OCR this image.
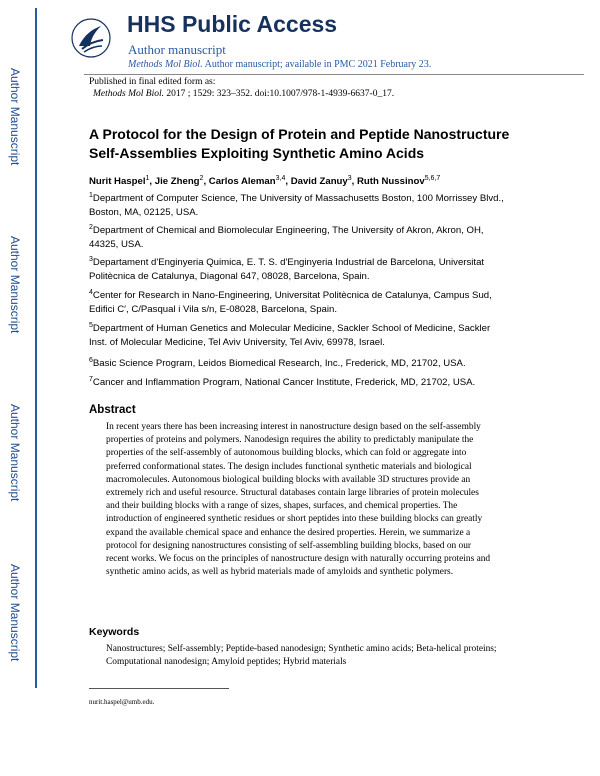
Author Manuscript
Author Manuscript
Author Manuscript
Author Manuscript
HHS Public Access
Author manuscript
Methods Mol Biol. Author manuscript; available in PMC 2021 February 23.
Published in final edited form as:
Methods Mol Biol. 2017 ; 1529: 323–352. doi:10.1007/978-1-4939-6637-0_17.
A Protocol for the Design of Protein and Peptide Nanostructure Self-Assemblies Exploiting Synthetic Amino Acids
Nurit Haspel$^1$, Jie Zheng$^2$, Carlos Aleman$^{3,4}$, David Zanuy$^3$, Ruth Nussinov$^{5,6,7}$
$^1$Department of Computer Science, The University of Massachusetts Boston, 100 Morrissey Blvd., Boston, MA, 02125, USA.
$^2$Department of Chemical and Biomolecular Engineering, The University of Akron, Akron, OH, 44325, USA.
$^3$Departament d'Enginyeria Quimica, E. T. S. d'Enginyeria Industrial de Barcelona, Universitat Politècnica de Catalunya, Diagonal 647, 08028, Barcelona, Spain.
$^4$Center for Research in Nano-Engineering, Universitat Politècnica de Catalunya, Campus Sud, Edifici C′, C/Pasqual i Vila s/n, E-08028, Barcelona, Spain.
$^5$Department of Human Genetics and Molecular Medicine, Sackler School of Medicine, Sackler Inst. of Molecular Medicine, Tel Aviv University, Tel Aviv, 69978, Israel.
$^6$Basic Science Program, Leidos Biomedical Research, Inc., Frederick, MD, 21702, USA.
$^7$Cancer and Inflammation Program, National Cancer Institute, Frederick, MD, 21702, USA.
Abstract
In recent years there has been increasing interest in nanostructure design based on the self-assembly properties of proteins and polymers. Nanodesign requires the ability to predictably manipulate the properties of the self-assembly of autonomous building blocks, which can fold or aggregate into preferred conformational states. The design includes functional synthetic materials and biological macromolecules. Autonomous biological building blocks with available 3D structures provide an extremely rich and useful resource. Structural databases contain large libraries of protein molecules and their building blocks with a range of sizes, shapes, surfaces, and chemical properties. The introduction of engineered synthetic residues or short peptides into these building blocks can greatly expand the available chemical space and enhance the desired properties. Herein, we summarize a protocol for designing nanostructures consisting of self-assembling building blocks, based on our recent works. We focus on the principles of nanostructure design with naturally occurring proteins and synthetic amino acids, as well as hybrid materials made of amyloids and synthetic polymers.
Keywords
Nanostructures; Self-assembly; Peptide-based nanodesign; Synthetic amino acids; Beta-helical proteins; Computational nanodesign; Amyloid peptides; Hybrid materials
nurit.haspel@umb.edu.
